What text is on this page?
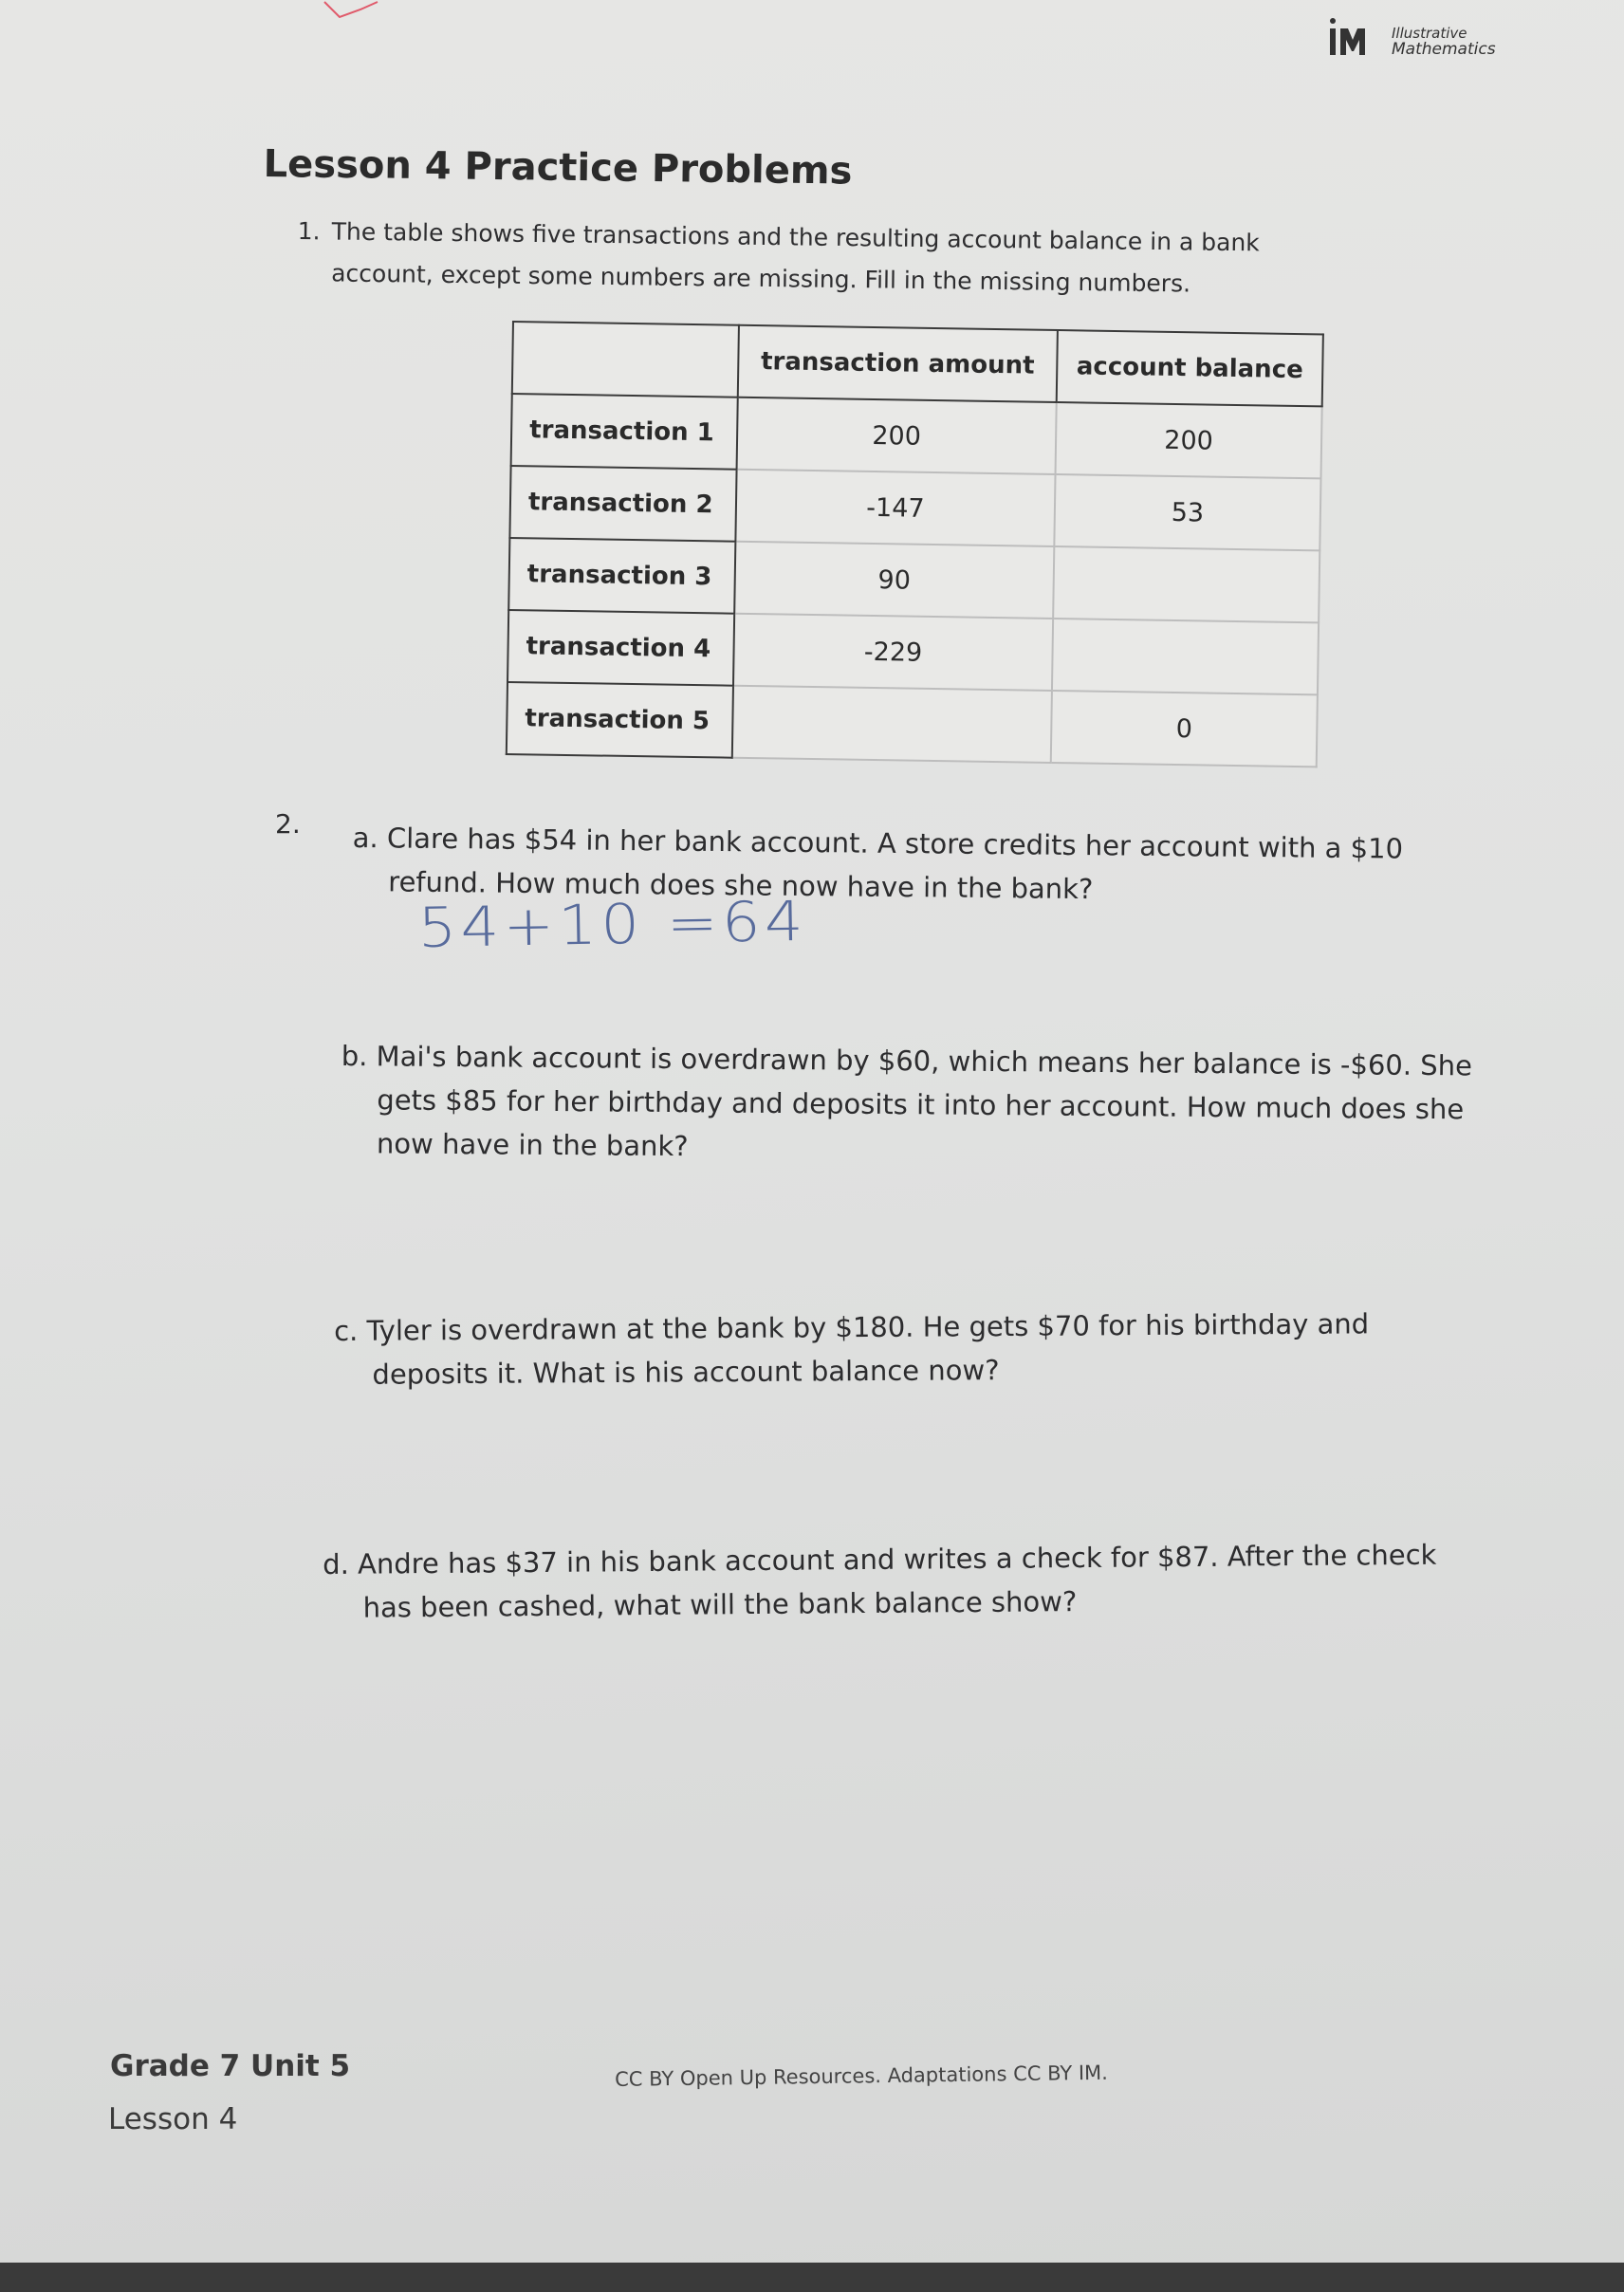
Illustrative
Mathematics
Lesson 4 Practice Problems
1. The table shows five transactions and the resulting account balance in a bank
account, except some numbers are missing. Fill in the missing numbers.
	transaction amount	account balance
transaction 1	200	200
transaction 2	-147	53
transaction 3	90	
transaction 4	-229	
transaction 5		0
2. a. Clare has $54 in her bank account. A store credits her account with a $10
refund. How much does she now have in the bank?
54+10 =64
b. Mai's bank account is overdrawn by $60, which means her balance is -$60. She
gets $85 for her birthday and deposits it into her account. How much does she
now have in the bank?
c. Tyler is overdrawn at the bank by $180. He gets $70 for his birthday and
deposits it. What is his account balance now?
d. Andre has $37 in his bank account and writes a check for $87. After the check
has been cashed, what will the bank balance show?
Grade 7 Unit 5
Lesson 4
CC BY Open Up Resources. Adaptations CC BY IM.
